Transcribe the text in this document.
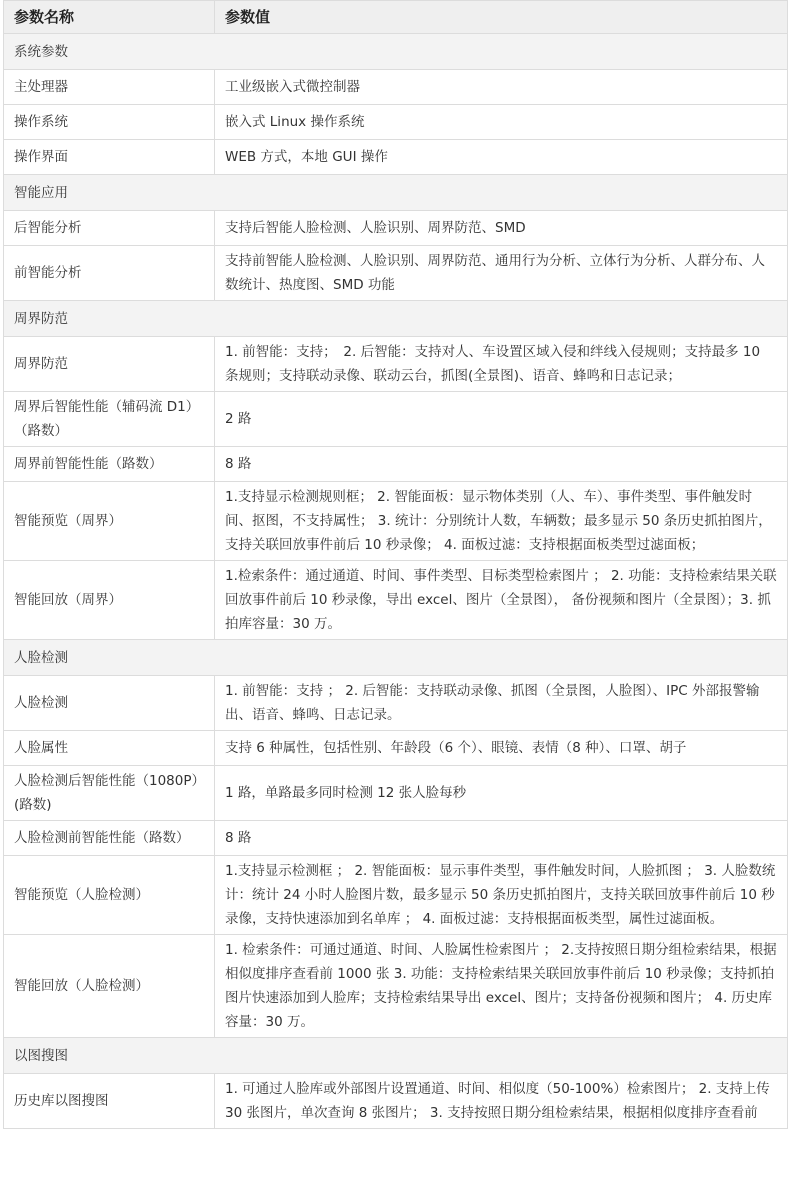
参数名称	参数值
系统参数	
主处理器	工业级嵌入式微控制器
操作系统	嵌入式 Linux 操作系统
操作界面	WEB 方式，本地 GUI 操作
智能应用	
后智能分析	支持后智能人脸检测、人脸识别、周界防范、SMD
前智能分析	支持前智能人脸检测、人脸识别、周界防范、通用行为分析、立体行为分析、人群分布、人数统计、热度图、SMD 功能
周界防范	
周界防范	1. 前智能：支持；　2. 后智能：支持对人、车设置区域入侵和绊线入侵规则；支持最多 10 条规则；支持联动录像、联动云台，抓图(全景图)、语音、蜂鸣和日志记录；
周界后智能性能（辅码流 D1）（路数）	2 路
周界前智能性能（路数）	8 路
智能预览（周界）	1.支持显示检测规则框； 2. 智能面板：显示物体类别（人、车）、事件类型、事件触发时间、抠图，不支持属性； 3. 统计：分别统计人数，车辆数；最多显示 50 条历史抓拍图片，支持关联回放事件前后 10 秒录像； 4. 面板过滤：支持根据面板类型过滤面板；
智能回放（周界）	1.检索条件：通过通道、时间、事件类型、目标类型检索图片 ； 2. 功能：支持检索结果关联回放事件前后 10 秒录像，导出 excel、图片（全景图）， 备份视频和图片（全景图）；3. 抓拍库容量：30 万。
人脸检测	
人脸检测	1. 前智能：支持 ； 2. 后智能：支持联动录像、抓图（全景图，人脸图）、IPC 外部报警输出、语音、蜂鸣、日志记录。
人脸属性	支持 6 种属性，包括性别、年龄段（6 个）、眼镜、表情（8 种）、口罩、胡子
人脸检测后智能性能（1080P）(路数)	1 路，单路最多同时检测 12 张人脸每秒
人脸检测前智能性能（路数）	8 路
智能预览（人脸检测）	1.支持显示检测框 ； 2. 智能面板：显示事件类型，事件触发时间，人脸抓图 ； 3. 人脸数统计：统计 24 小时人脸图片数，最多显示 50 条历史抓拍图片，支持关联回放事件前后 10 秒录像，支持快速添加到名单库 ； 4. 面板过滤：支持根据面板类型，属性过滤面板。
智能回放（人脸检测）	1. 检索条件：可通过通道、时间、人脸属性检索图片 ； 2.支持按照日期分组检索结果，根据相似度排序查看前 1000 张 3. 功能：支持检索结果关联回放事件前后 10 秒录像；支持抓拍图片快速添加到人脸库；支持检索结果导出 excel、图片；支持备份视频和图片； 4. 历史库容量：30 万。
以图搜图	
历史库以图搜图	1. 可通过人脸库或外部图片设置通道、时间、相似度（50-100%）检索图片； 2. 支持上传 30 张图片，单次查询 8 张图片； 3. 支持按照日期分组检索结果，根据相似度排序查看前
